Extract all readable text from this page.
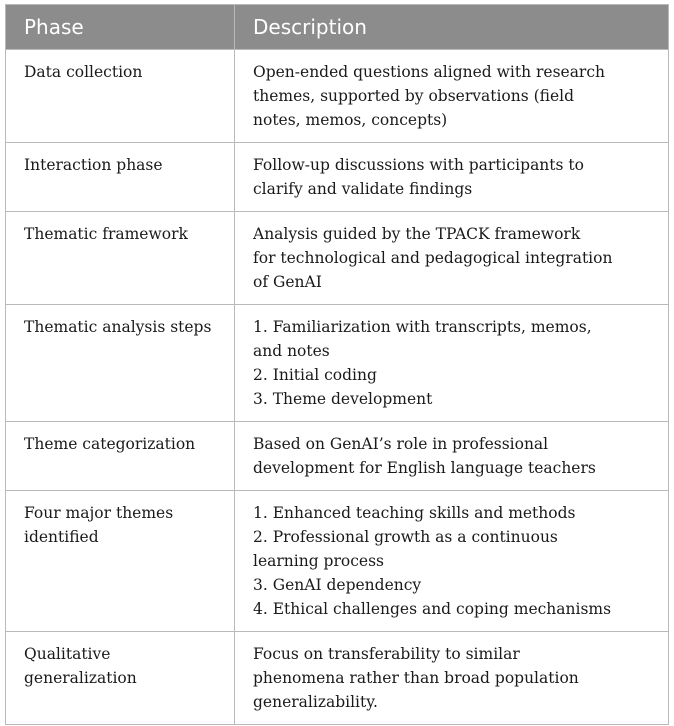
Phase	Description

Data collection	Open-ended questions aligned with research
themes, supported by observations (field
notes, memos, concepts)

Interaction phase	Follow-up discussions with participants to
clarify and validate findings

Thematic framework	Analysis guided by the TPACK framework
for technological and pedagogical integration
of GenAI

Thematic analysis steps	1. Familiarization with transcripts, memos,
and notes
2. Initial coding
3. Theme development

Theme categorization	Based on GenAI’s role in professional
development for English language teachers

Four major themes
identified	1. Enhanced teaching skills and methods
2. Professional growth as a continuous
learning process
3. GenAI dependency
4. Ethical challenges and coping mechanisms

Qualitative
generalization	Focus on transferability to similar
phenomena rather than broad population
generalizability.
